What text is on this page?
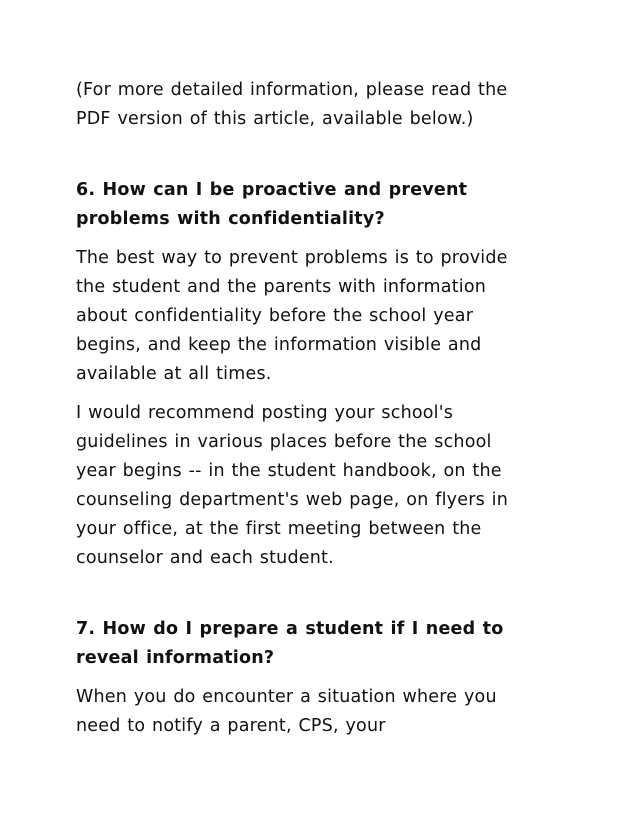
(For more detailed information, please read the
PDF version of this article, available below.)

6. How can I be proactive and prevent
problems with confidentiality?

The best way to prevent problems is to provide
the student and the parents with information
about confidentiality before the school year
begins, and keep the information visible and
available at all times.

I would recommend posting your school's
guidelines in various places before the school
year begins -- in the student handbook, on the
counseling department's web page, on flyers in
your office, at the first meeting between the
counselor and each student.

7. How do I prepare a student if I need to
reveal information?

When you do encounter a situation where you
need to notify a parent, CPS, your
